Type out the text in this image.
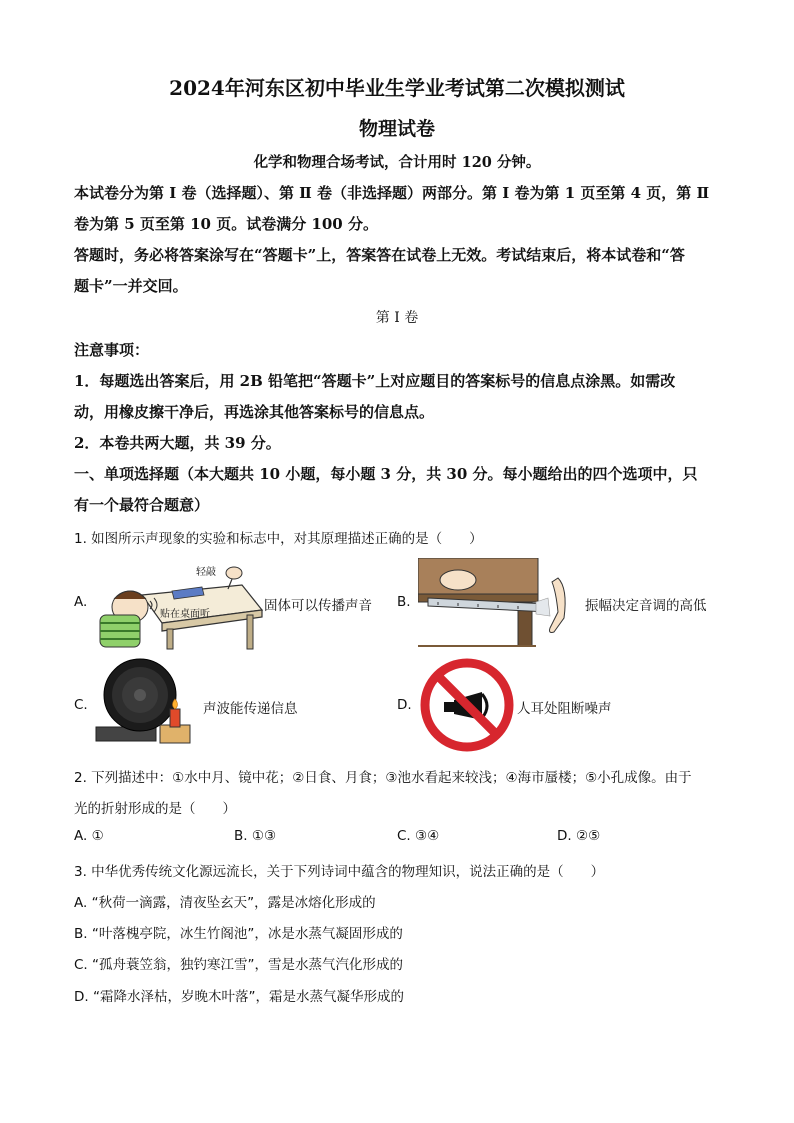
2024年河东区初中毕业生学业考试第二次模拟测试
物理试卷
化学和物理合场考试，合计用时 120 分钟。
本试卷分为第 Ⅰ 卷（选择题）、第 Ⅱ 卷（非选择题）两部分。第 Ⅰ 卷为第 1 页至第 4 页，第 Ⅱ
卷为第 5 页至第 10 页。试卷满分 100 分。
答题时，务必将答案涂写在“答题卡”上，答案答在试卷上无效。考试结束后，将本试卷和“答
题卡”一并交回。
第 Ⅰ 卷
注意事项：
1．每题选出答案后，用 2B 铅笔把“答题卡”上对应题目的答案标号的信息点涂黑。如需改
动，用橡皮擦干净后，再选涂其他答案标号的信息点。
2．本卷共两大题，共 39 分。
一、单项选择题（本大题共 10 小题，每小题 3 分，共 30 分。每小题给出的四个选项中，只
有一个最符合题意）
1. 如图所示声现象的实验和标志中，对其原理描述正确的是（　　）
A.
轻敲
贴在桌面听
固体可以传播声音 B.	振幅决定音调的高低
C.	声波能传递信息	D.	人耳处阻断噪声
2. 下列描述中：①水中月、镜中花；②日食、月食；③池水看起来较浅；④海市蜃楼；⑤小孔成像。由于
光的折射形成的是（　　）
A. ①	B. ①③	C. ③④	D. ②⑤
3. 中华优秀传统文化源远流长，关于下列诗词中蕴含的物理知识，说法正确的是（　　）
A. “秋荷一滴露，清夜坠玄天”，露是冰熔化形成的
B. “叶落槐亭院，冰生竹阁池”，冰是水蒸气凝固形成的
C. “孤舟蓑笠翁，独钓寒江雪”，雪是水蒸气汽化形成的
D. “霜降水泽枯，岁晚木叶落”，霜是水蒸气凝华形成的
